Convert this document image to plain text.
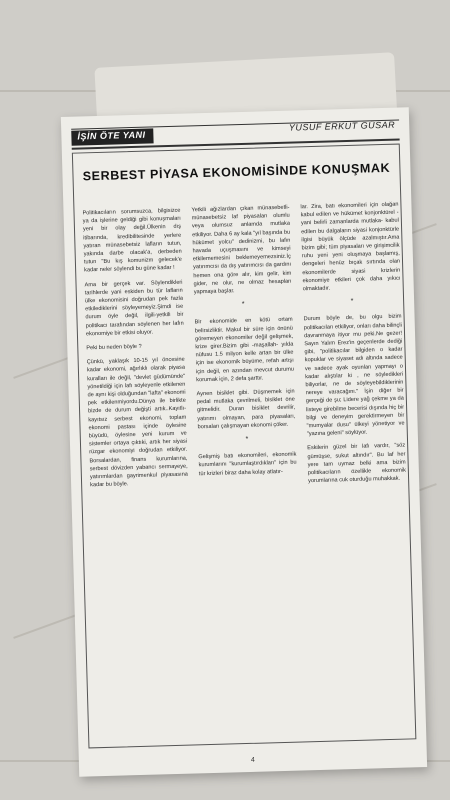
İŞİN ÖTE YANI
YUSUF ERKUT GÜSAR
SERBEST PİYASA EKONOMİSİNDE KONUŞMAK

Politikacıların sorumsuzca, bilgisizce ya da işlerine geldiği gibi konuşmaları yeni bir olay değil.Ülkenin dış itibarında, kredibilitesinde yerlere yatıran münasebetsiz lafların tutun, yakında darbe olacak'a, derbeden tutun "Bu kış komunizm gelecek'e kadar neler söylendi bu güne kadar !

Ama bir gerçek var. Söylendikleri tarihlerde yani eskiden bu tür lafların ülke ekonomisini doğrudan pek fazla etkilediklerini söyleyemeyiz.Şimdi ise durum öyle değil, ilgili-yetkili bir politikacı tarafından söylenen her lafın ekonomiye bir etkisi oluyor.

Peki bu neden böyle ?

Çünkü, yaklaşık 10-15 yıl öncesine kadar ekonomi, ağırlıklı olarak piyasa kuralları ile değil, "devlet güdümünde" yönetildiği için lafı söyleyenle etkilenen de aynı kişi olduğundan "lafta" ekonomi pek etkilenmiyordu.Dünya ile birlikte bizde de durum değişti artık..Kayıtlı-kayıtsız serbest ekonomi, toplam ekonomi pastası içinde öylesine büyüdü, öylesine yeni kurum ve sistemler ortaya çıktıki, artık her siyasi rüzgar ekonomiyi doğrudan etkiliyor. Borsalardan, finans kurumlarına, serbest dövizden yabancı sermayeye, yatırımlardan gayrimenkul piyasasına kadar bu böyle.

Yetkili ağızlardan çıkan münasebetli-münasebetsiz laf piyasaları olumlu veya olumsuz anlamda mutlaka etkiliyor. Daha 6 ay kala "yıl başında bu hükümet yolcu" dedinizmi, bu lafın havada uçuşmasını ve kimseyi etkilememesini beklemeyemezsiniz.İç yatırımcısı da dış yatırımcısı da gardını hemen ona göre alır, kim gelir, kim gider, ne olur, ne olmaz hesapları yapmaya başlar.

*

Bir ekonomide en kötü ortam belirsizliktir. Makul bir süre için önünü göremeyen ekonomiler değil gelişmek, krize girer.Bizim gibi -maşallah- yılda nüfusu 1.5 milyon kelle artan bir ülke için ise ekonomik büyüme, refah artışı için değil, en azından mevcut durumu korumak için, 2 defa şarttır.

Aynen bisiklet gibi. Düşmemek için pedal mutlaka çevrilmeli, bisiklet öne gitmelidir. Duran bisiklet devrilir, yatırımı olmayan, para piyasaları, borsaları çalışmayan ekonomi çöker.

*

Gelişmiş batı ekonomileri, ekonomik kurumlarını "kurumlaştırdıkları" için bu tür krizleri biraz daha kolay atlatır-

lar. Zira, batı ekonomileri için olağan kabul edilen ve hükümet konjonktürel -yani belirli zamanlarda mutlaka- kabul edilen bu dalgaların siyasi konjonktürle ilgisi büyük ölçüde azalmıştır.Ama bizim gibi; tüm piyasaları ve girişimcilik ruhu yeni yeni oluşmaya başlamış, dengeleri henüz bıçak sırtında olan ekonomilerde siyasi krizlerin ekonomiye etkileri çok daha yıkıcı olmaktadır.

*

Durum böyle de, bu olgu bizim politikacıları etkiliyor, onları daha bilinçli davranmaya itiyor mu peki.Ne gezer! Sayın Yalım Erez'in geçenlerde dediği gibi, "politikacılar bilgiden o kadar kopuklar ve siyaset adı altında sadece ve sadece ayak oyunları yapmayı o kadar alıştılar ki , ne söyledikleri biliyorlar, ne de söyleyebildiklerinin nereye varacağını." İşin diğer bir gerçeği de şu; Lidere yağ çekme ya da listeye girebilme becerisi dışında hiç bir bilgi ve deneyim gerektirmeyen bir "mumyalar dusu" ülkeyi yönetiyor ve "yazına geleni" söylüyor.

Eskilerin güzel bir lafı vardır, "söz gümüşse, sukut altındır". Bu laf her yere tam uymaz belki ama bizim politikacıların özellikle ekonomik yorumlarına cuk oturduğu muhakkak.

4
